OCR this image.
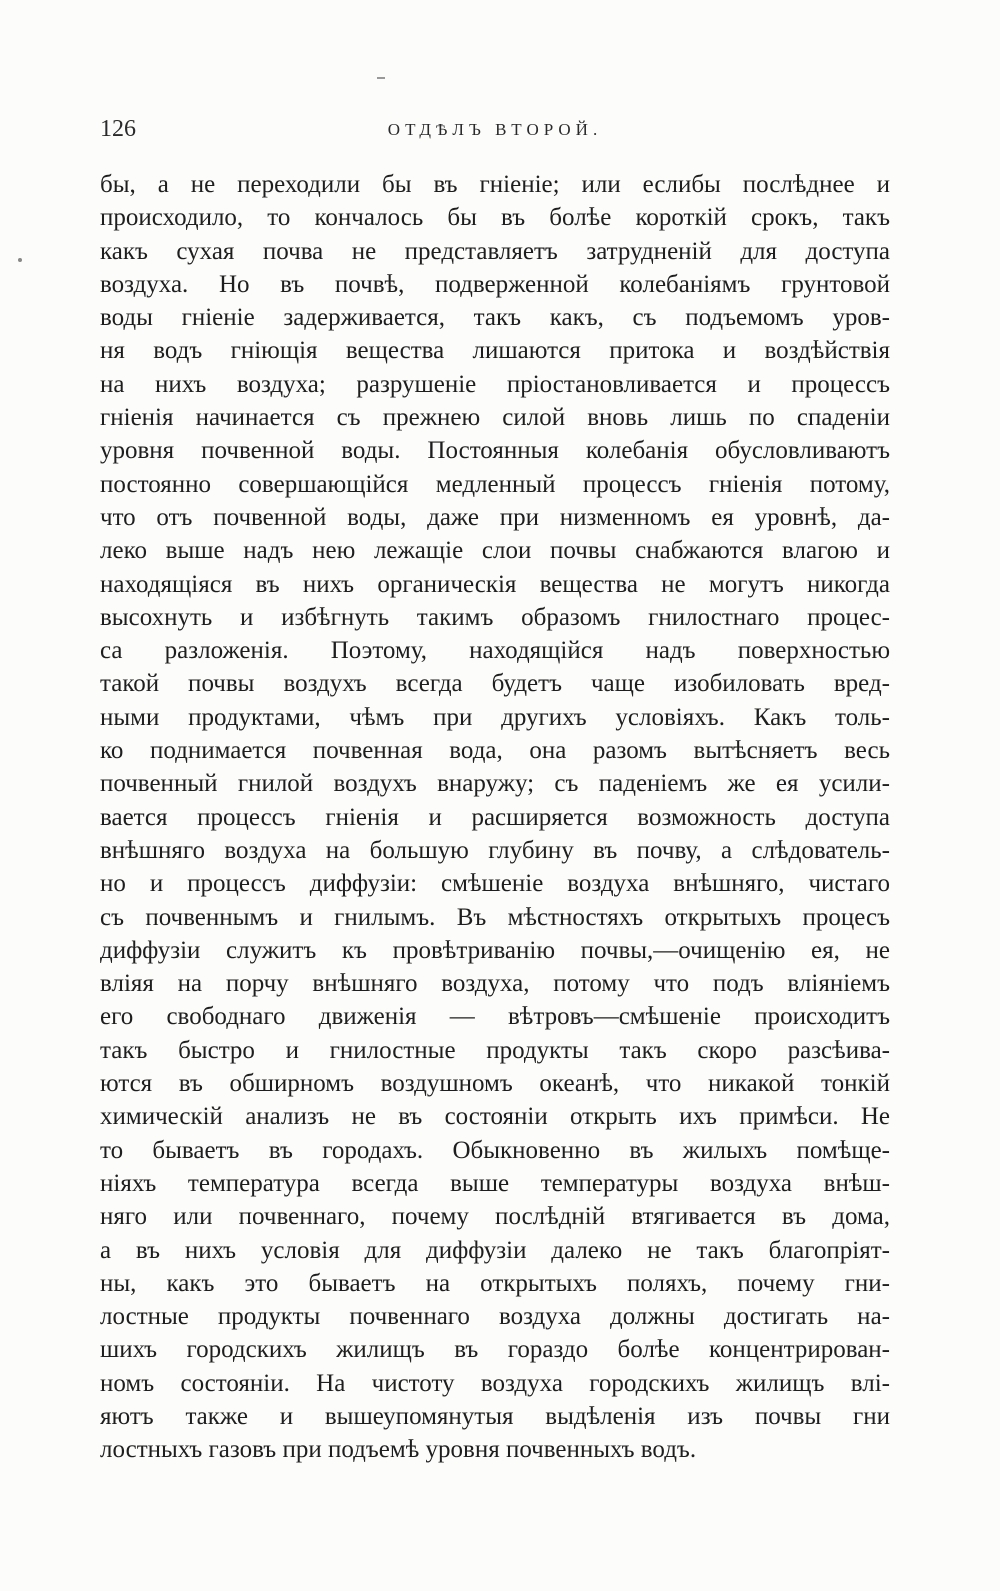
126	ОТДѢЛЪ ВТОРОЙ.
бы, а не переходили бы въ гніеніе; или еслибы послѣднее и
происходило, то кончалось бы въ болѣе короткій срокъ, такъ
какъ сухая почва не представляетъ затрудненій для доступа
воздуха. Но въ почвѣ, подверженной колебаніямъ грунтовой
воды гніеніе задерживается, такъ какъ, съ подъемомъ уров-
ня водъ гніющія вещества лишаются притока и воздѣйствія
на нихъ воздуха; разрушеніе пріостановливается и процессъ
гніенія начинается съ прежнею силой вновь лишь по спаденіи
уровня почвенной воды. Постоянныя колебанія обусловливаютъ
постоянно совершающійся медленный процессъ гніенія потому,
что отъ почвенной воды, даже при низменномъ ея уровнѣ, да-
леко выше надъ нею лежащіе слои почвы снабжаются влагою и
находящіяся въ нихъ органическія вещества не могутъ никогда
высохнуть и избѣгнуть такимъ образомъ гнилостнаго процес-
са разложенія. Поэтому, находящійся надъ поверхностью
такой почвы воздухъ всегда будетъ чаще изобиловать вред-
ными продуктами, чѣмъ при другихъ условіяхъ. Какъ толь-
ко поднимается почвенная вода, она разомъ вытѣсняетъ весь
почвенный гнилой воздухъ внаружу; съ паденіемъ же ея усили-
вается процессъ гніенія и расширяется возможность доступа
внѣшняго воздуха на большую глубину въ почву, а слѣдователь-
но и процессъ диффузіи: смѣшеніе воздуха внѣшняго, чистаго
съ почвеннымъ и гнилымъ. Въ мѣстностяхъ открытыхъ процесъ
диффузіи служитъ къ провѣтриванію почвы,—очищенію ея, не
вліяя на порчу внѣшняго воздуха, потому что подъ вліяніемъ
его свободнаго движенія — вѣтровъ—смѣшеніе происходитъ
такъ быстро и гнилостные продукты такъ скоро разсѣива-
ются въ обширномъ воздушномъ океанѣ, что никакой тонкій
химическій анализъ не въ состояніи открыть ихъ примѣси. Не
то бываетъ въ городахъ. Обыкновенно въ жилыхъ помѣще-
ніяхъ температура всегда выше температуры воздуха внѣш-
няго или почвеннаго, почему послѣдній втягивается въ дома,
а въ нихъ условія для диффузіи далеко не такъ благопріят-
ны, какъ это бываетъ на открытыхъ поляхъ, почему гни-
лостные продукты почвеннаго воздуха должны достигать на-
шихъ городскихъ жилищъ въ гораздо болѣе концентрирован-
номъ состояніи. На чистоту воздуха городскихъ жилищъ влі-
яютъ также и вышеупомянутыя выдѣленія изъ почвы гни
лостныхъ газовъ при подъемѣ уровня почвенныхъ водъ.
